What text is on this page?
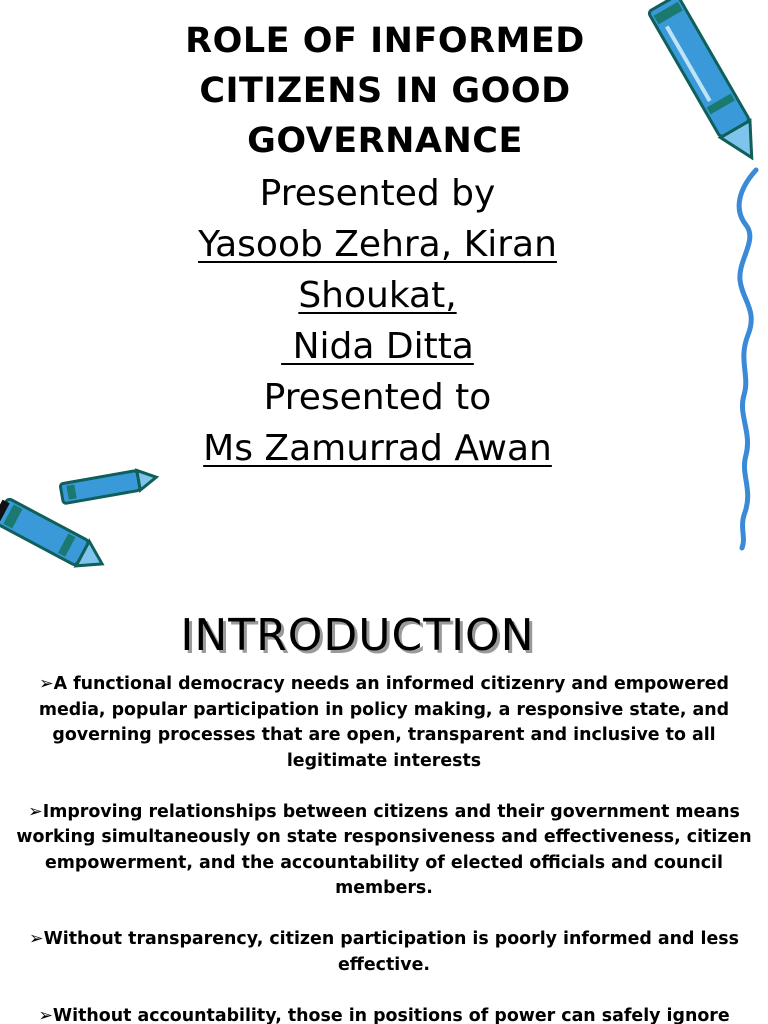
ROLE OF INFORMED
CITIZENS IN GOOD
GOVERNANCE
Presented by
Yasoob Zehra, Kiran
Shoukat,
Nida Ditta
Presented to
Ms Zamurrad Awan
INTRODUCTION

➢A functional democracy needs an informed citizenry and empowered media, popular participation in policy making, a responsive state, and governing processes that are open, transparent and inclusive to all legitimate interests

➢Improving relationships between citizens and their government means working simultaneously on state responsiveness and effectiveness, citizen empowerment, and the accountability of elected officials and council members.

➢Without transparency, citizen participation is poorly informed and less effective.

➢Without accountability, those in positions of power can safely ignore
